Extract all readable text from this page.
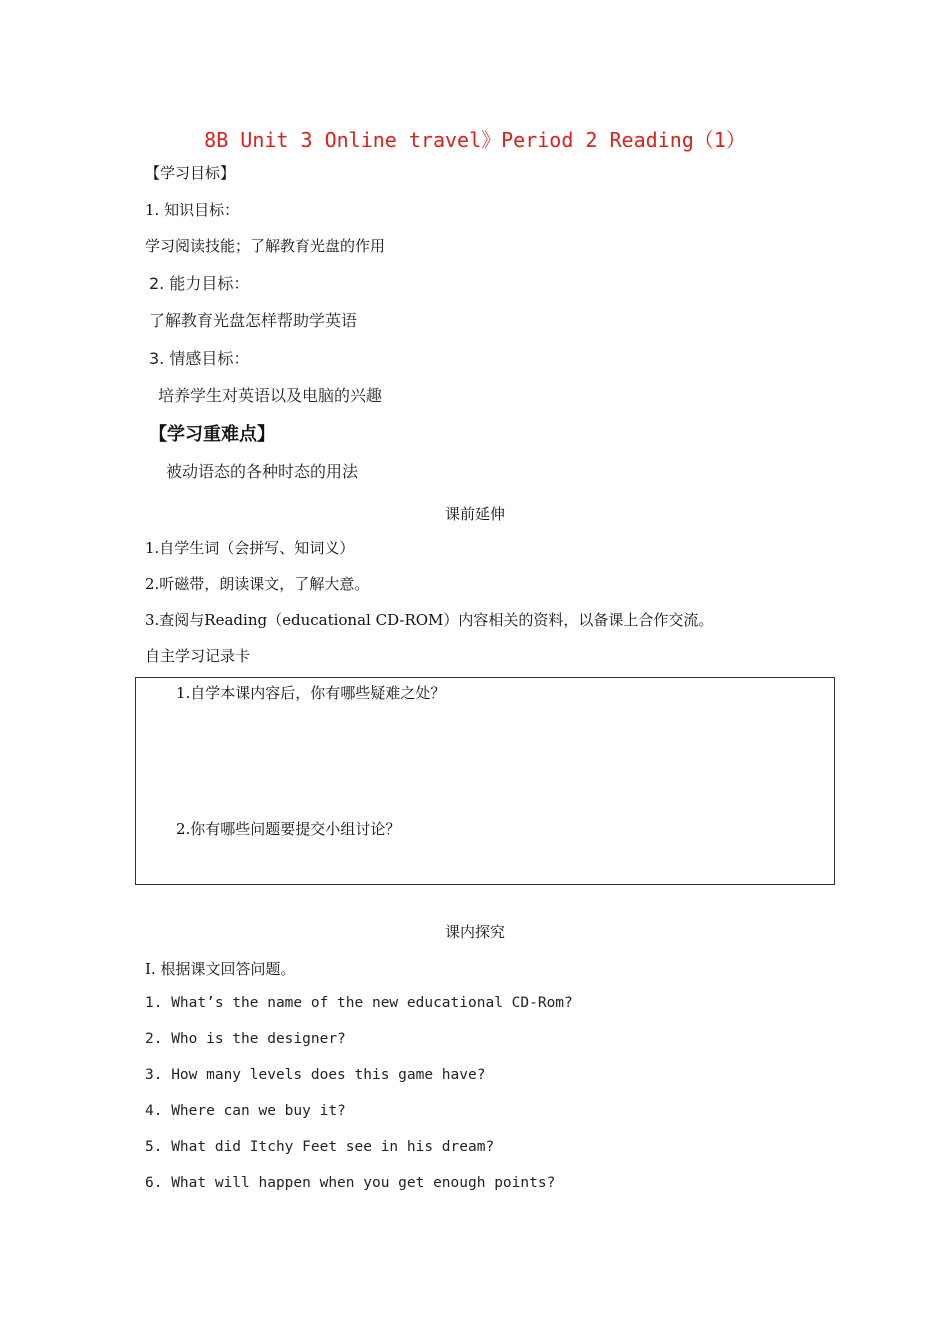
8B Unit 3 Online travel》Period 2 Reading（1）
【学习目标】
1. 知识目标：
学习阅读技能；了解教育光盘的作用
2. 能力目标：
了解教育光盘怎样帮助学英语
3. 情感目标：
培养学生对英语以及电脑的兴趣
【学习重难点】
被动语态的各种时态的用法
课前延伸
1.自学生词（会拼写、知词义）
2.听磁带，朗读课文，了解大意。
3.查阅与Reading（educational CD-ROM）内容相关的资料，以备课上合作交流。
自主学习记录卡
1.自学本课内容后，你有哪些疑难之处？
2.你有哪些问题要提交小组讨论？
课内探究
Ⅰ. 根据课文回答问题。
1. What’s the name of the new educational CD-Rom?
2. Who is the designer?
3. How many levels does this game have?
4. Where can we buy it?
5. What did Itchy Feet see in his dream?
6. What will happen when you get enough points?
